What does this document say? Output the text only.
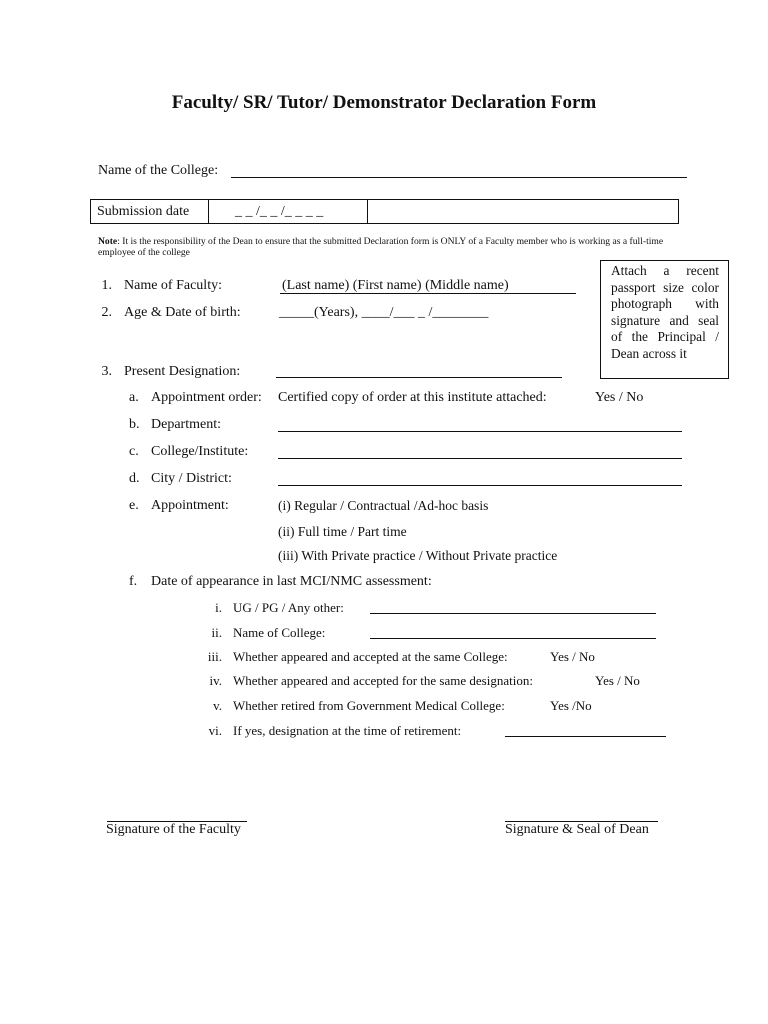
Faculty/ SR/ Tutor/ Demonstrator Declaration Form
Name of the College:
Submission date	_ _ /_ _ /_ _ _ _
Note: It is the responsibility of the Dean to ensure that the submitted Declaration form is ONLY of a Faculty member who is working as a full-time employee of the college
Attach a recent passport size color photograph with signature and seal of the Principal / Dean across it
1. Name of Faculty:	(Last name) (First name) (Middle name)
2. Age & Date of birth:	_____(Years), ____/___ _ /________
3. Present Designation:
a. Appointment order: Certified copy of order at this institute attached:	Yes / No
b. Department:
c. College/Institute:
d. City / District:
e. Appointment:	(i) Regular / Contractual /Ad-hoc basis
(ii) Full time / Part time
(iii) With Private practice / Without Private practice
f. Date of appearance in last MCI/NMC assessment:
i. UG / PG / Any other:
ii. Name of College:
iii. Whether appeared and accepted at the same College:	Yes / No
iv. Whether appeared and accepted for the same designation:	Yes / No
v. Whether retired from Government Medical College:	Yes /No
vi. If yes, designation at the time of retirement:
Signature of the Faculty	Signature & Seal of Dean
